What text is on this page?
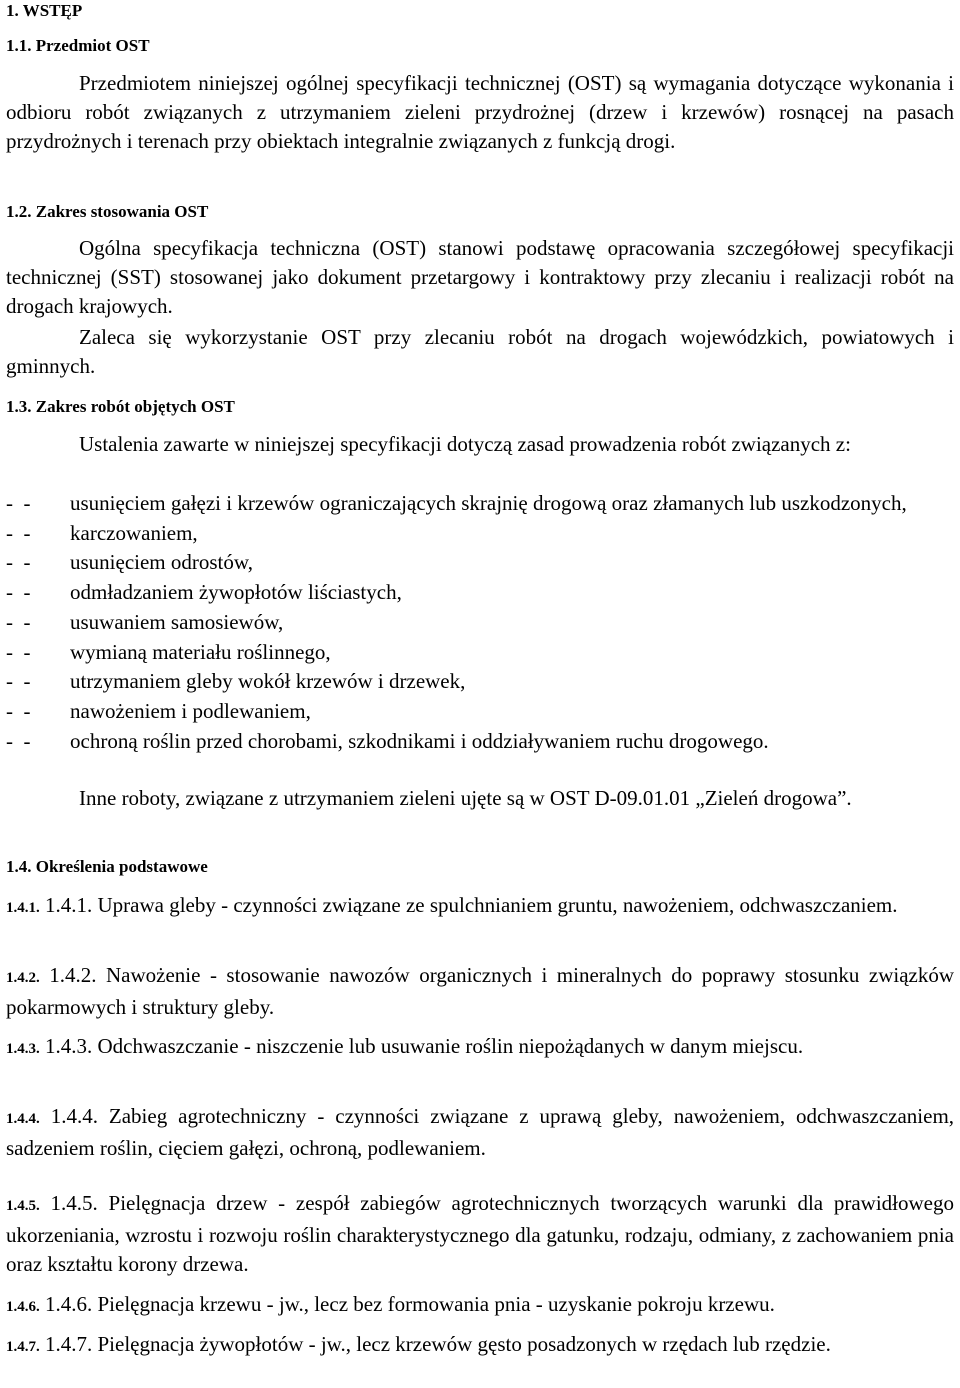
1. WSTĘP
1.1. Przedmiot OST

Przedmiotem niniejszej ogólnej specyfikacji technicznej (OST) są wymagania dotyczące wykonania i odbioru robót związanych z utrzymaniem zieleni przydrożnej (drzew i krzewów) rosnącej na pasach przydrożnych i terenach przy obiektach integralnie związanych z funkcją drogi.

1.2. Zakres stosowania OST

Ogólna specyfikacja techniczna (OST) stanowi podstawę opracowania szczegółowej specyfikacji technicznej (SST) stosowanej jako dokument przetargowy i kontraktowy przy zlecaniu i realizacji robót na drogach krajowych.

Zaleca się wykorzystanie OST przy zlecaniu robót na drogach wojewódzkich, powiatowych i gminnych.

1.3. Zakres robót objętych OST

Ustalenia zawarte w niniejszej specyfikacji dotyczą zasad prowadzenia robót związanych z:

-  -	usunięciem gałęzi i krzewów ograniczających skrajnię drogową oraz złamanych lub uszkodzonych,
-  -	karczowaniem,
-  -	usunięciem odrostów,
-  -	odmładzaniem żywopłotów liściastych,
-  -	usuwaniem samosiewów,
-  -	wymianą materiału roślinnego,
-  -	utrzymaniem gleby wokół krzewów i drzewek,
-  -	nawożeniem i podlewaniem,
-  -	ochroną roślin przed chorobami, szkodnikami i oddziaływaniem ruchu drogowego.

Inne roboty, związane z utrzymaniem zieleni ujęte są w OST D-09.01.01 „Zieleń drogowa”.

1.4. Określenia podstawowe

1.4.1. 1.4.1. Uprawa gleby - czynności związane ze spulchnianiem gruntu, nawożeniem, odchwaszczaniem.

1.4.2. 1.4.2. Nawożenie - stosowanie nawozów organicznych i mineralnych do poprawy stosunku związków pokarmowych i struktury gleby.

1.4.3. 1.4.3. Odchwaszczanie - niszczenie lub usuwanie roślin niepożądanych w danym miejscu.

1.4.4. 1.4.4. Zabieg agrotechniczny - czynności związane z uprawą gleby, nawożeniem, odchwaszczaniem, sadzeniem roślin, cięciem gałęzi, ochroną, podlewaniem.

1.4.5. 1.4.5. Pielęgnacja drzew - zespół zabiegów agrotechnicznych tworzących warunki dla prawidłowego ukorzeniania, wzrostu i rozwoju roślin charakterystycznego dla gatunku, rodzaju, odmiany, z zachowaniem pnia oraz kształtu korony drzewa.

1.4.6. 1.4.6. Pielęgnacja krzewu - jw., lecz bez formowania pnia - uzyskanie pokroju krzewu.

1.4.7. 1.4.7. Pielęgnacja żywopłotów - jw., lecz krzewów gęsto posadzonych w rzędach lub rzędzie.
